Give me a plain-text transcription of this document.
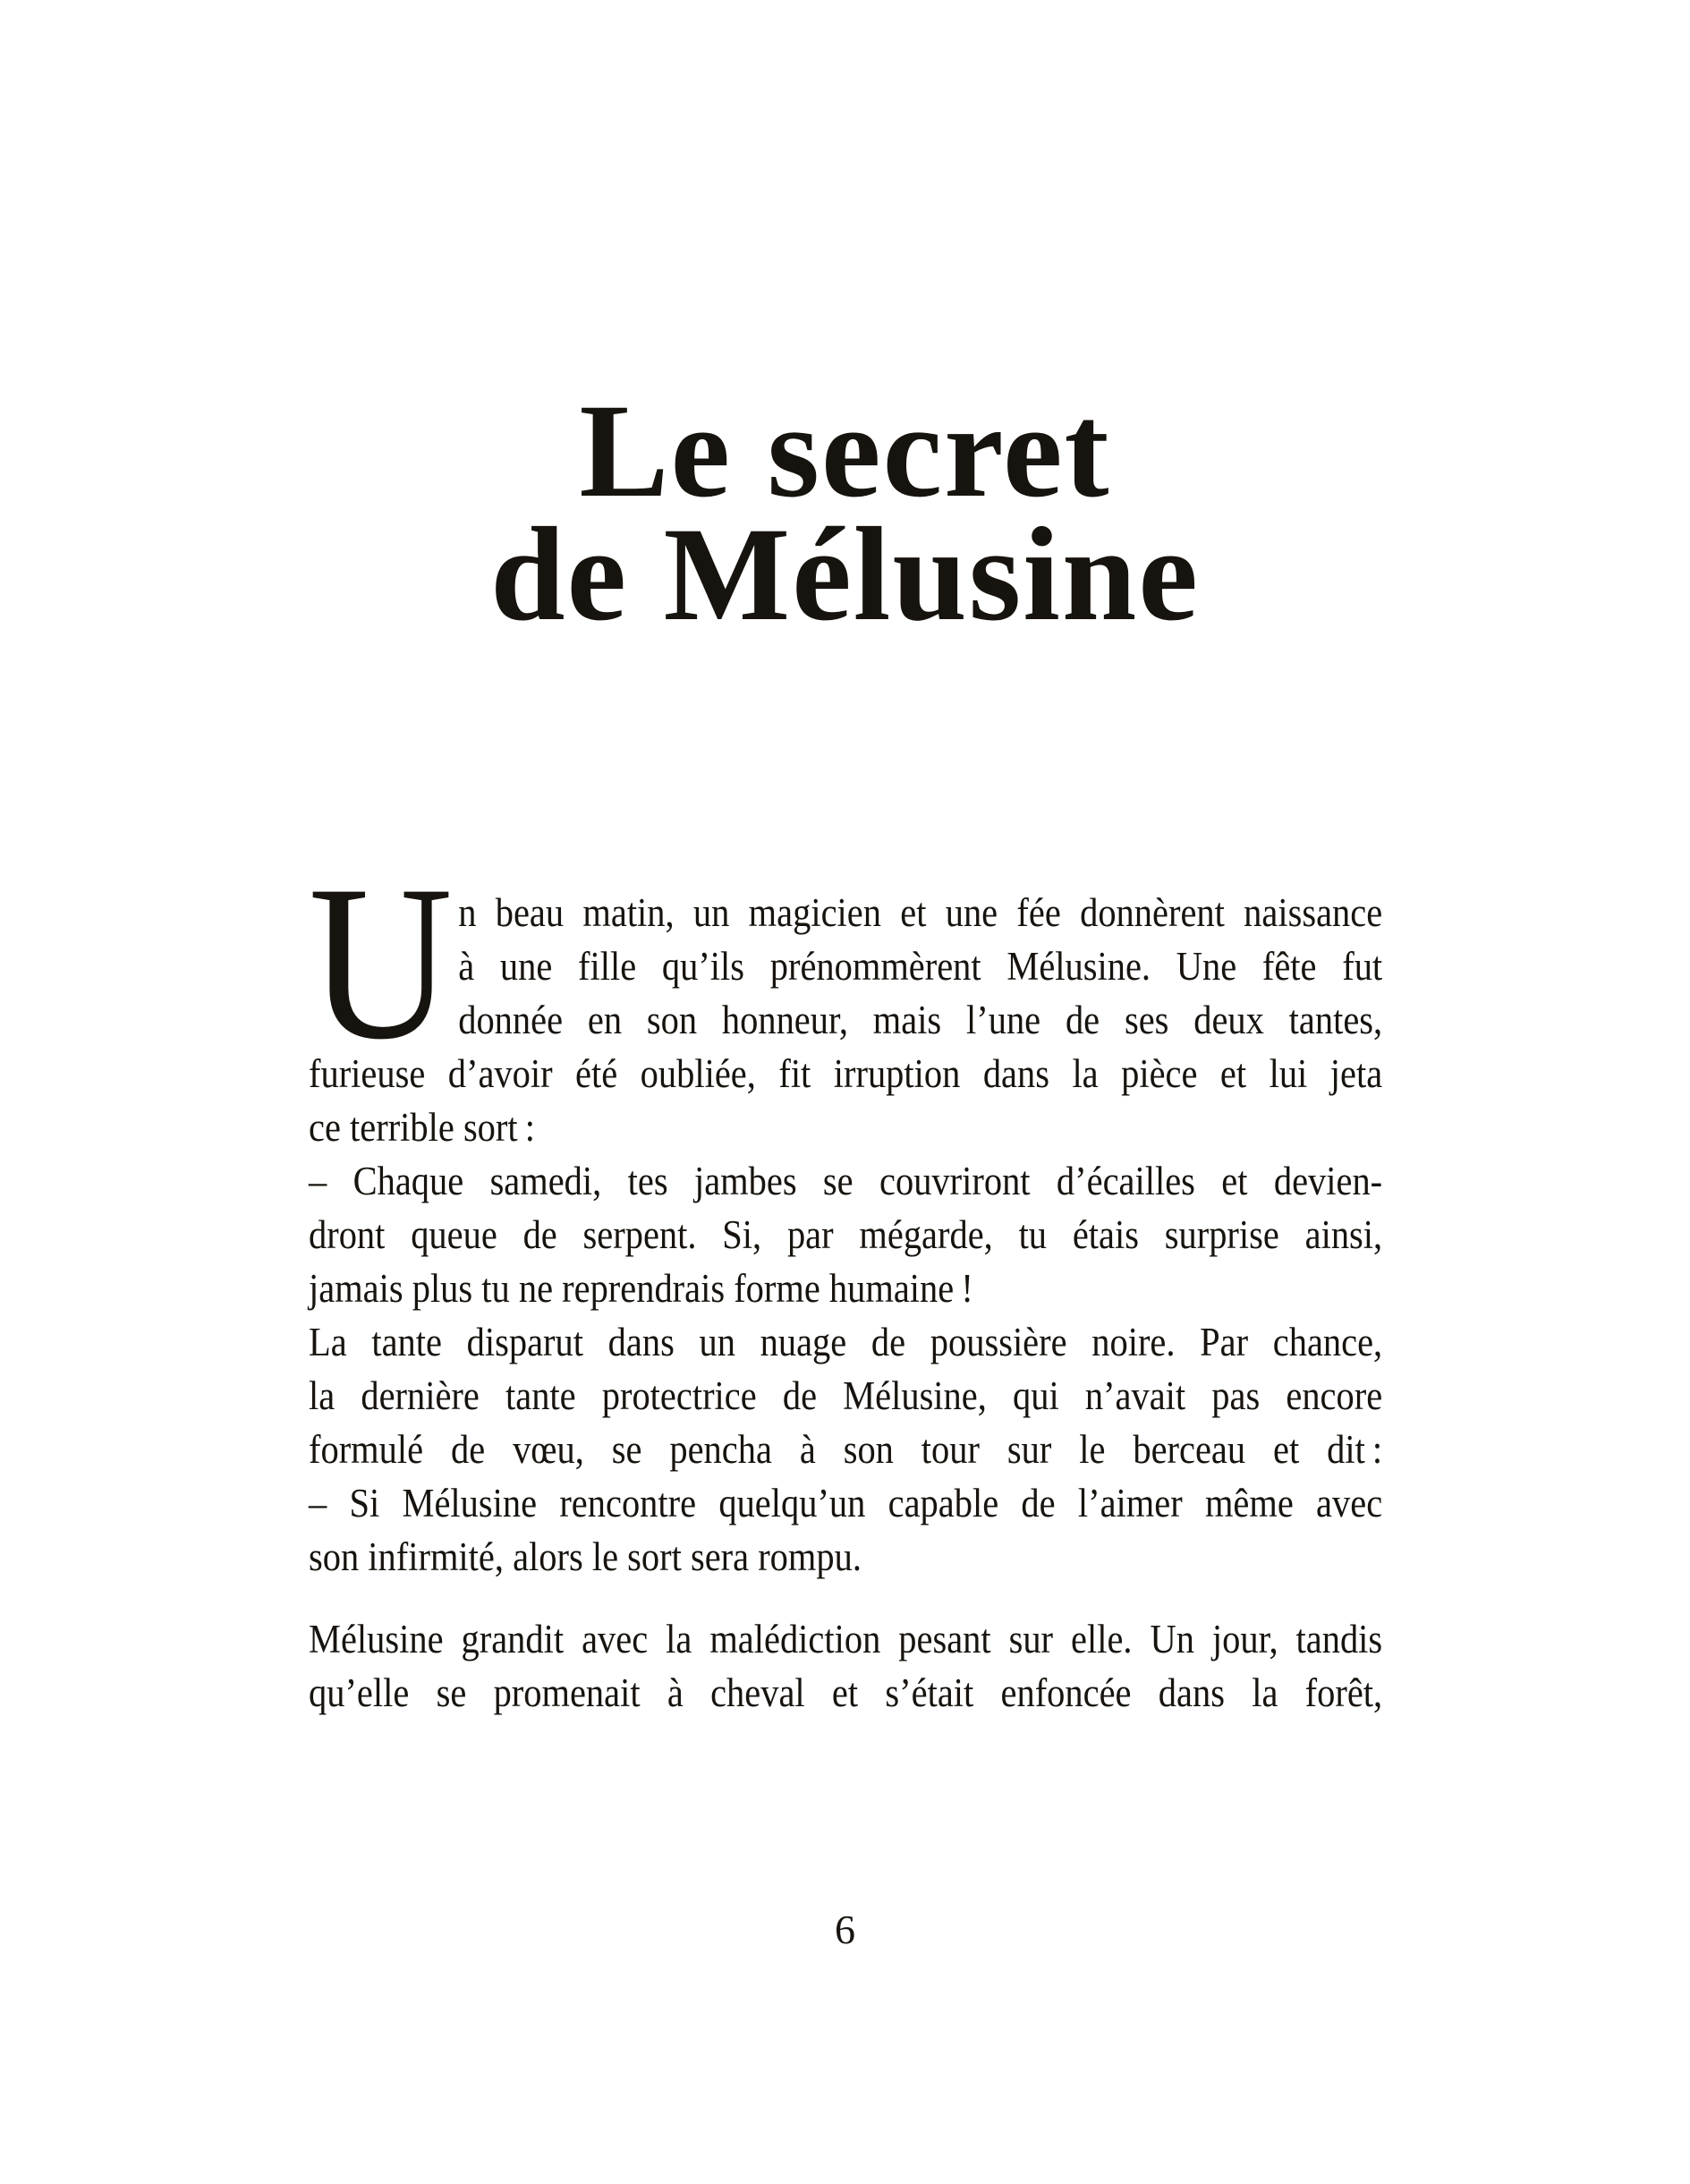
Le secret
de Mélusine
U n beau matin, un magicien et une fée donnèrent naissance
à une fille qu’ils prénommèrent Mélusine. Une fête fut
donnée en son honneur, mais l’une de ses deux tantes,
furieuse d’avoir été oubliée, fit irruption dans la pièce et lui jeta
ce terrible sort :
– Chaque samedi, tes jambes se couvriront d’écailles et devien-
dront queue de serpent. Si, par mégarde, tu étais surprise ainsi,
jamais plus tu ne reprendrais forme humaine !
La tante disparut dans un nuage de poussière noire. Par chance,
la dernière tante protectrice de Mélusine, qui n’avait pas encore
formulé de vœu, se pencha à son tour sur le berceau et dit :
– Si Mélusine rencontre quelqu’un capable de l’aimer même avec
son infirmité, alors le sort sera rompu.
Mélusine grandit avec la malédiction pesant sur elle. Un jour, tandis
qu’elle se promenait à cheval et s’était enfoncée dans la forêt,
6
